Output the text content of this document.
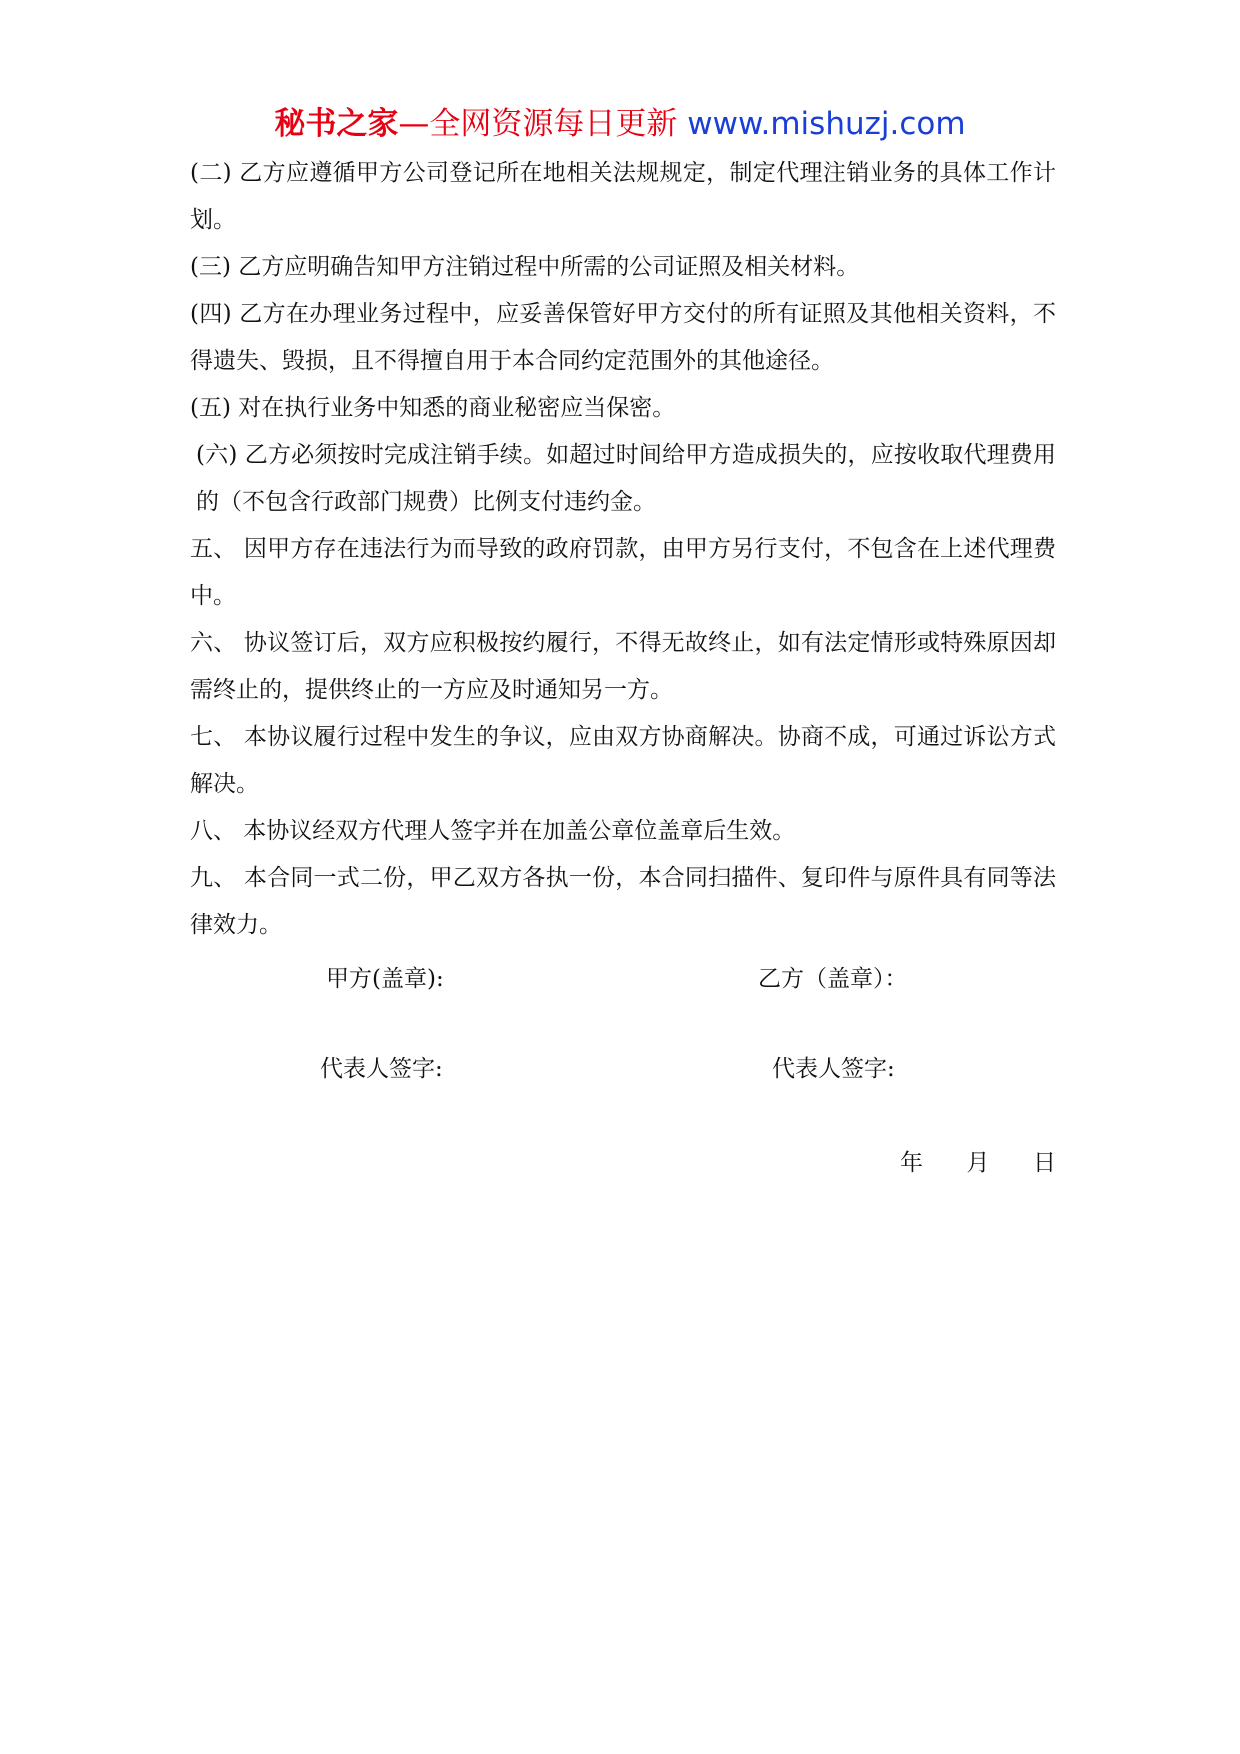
秘书之家—全网资源每日更新 www.mishuzj.com

(二) 乙方应遵循甲方公司登记所在地相关法规规定，制定代理注销业务的具体工作计划。

(三) 乙方应明确告知甲方注销过程中所需的公司证照及相关材料。

(四) 乙方在办理业务过程中，应妥善保管好甲方交付的所有证照及其他相关资料，不得遗失、毁损，且不得擅自用于本合同约定范围外的其他途径。

(五) 对在执行业务中知悉的商业秘密应当保密。

(六) 乙方必须按时完成注销手续。如超过时间给甲方造成损失的，应按收取代理费用的（不包含行政部门规费）比例支付违约金。

五、 因甲方存在违法行为而导致的政府罚款，由甲方另行支付，不包含在上述代理费中。

六、 协议签订后，双方应积极按约履行，不得无故终止，如有法定情形或特殊原因却需终止的，提供终止的一方应及时通知另一方。

七、 本协议履行过程中发生的争议，应由双方协商解决。协商不成，可通过诉讼方式解决。

八、 本协议经双方代理人签字并在加盖公章位盖章后生效。

九、 本合同一式二份，甲乙双方各执一份，本合同扫描件、复印件与原件具有同等法律效力。

甲方(盖章):	乙方（盖章）：
代表人签字:	代表人签字:
年 月 日
